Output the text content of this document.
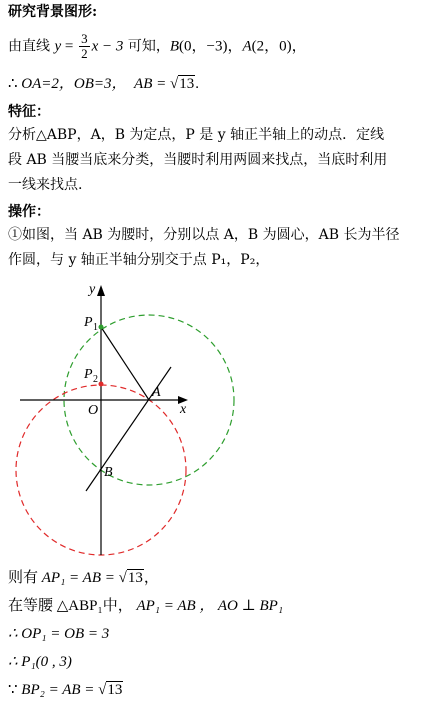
研究背景图形:
由直线 $y = \frac{3}{2}$ x − 3 可知，B(0，−3)，A(2，0)，
∴ OA=2，OB=3， AB = √13.
特征：
分析△ABP，A，B 为定点，P 是 y 轴正半轴上的动点．定线
段 AB 当腰当底来分类，当腰时利用两圆来找点，当底时利用
一线来找点.
操作：
①如图，当 AB 为腰时，分别以点 A，B 为圆心，AB 长为半径
作圆，与 y 轴正半轴分别交于点 P₁，P₂，
y
x
O
A
B
P 1
P 2
则有 AP₁ = AB = √13，
在等腰 △ABP₁中， AP₁ = AB ， AO ⊥ BP₁
∴ OP₁ = OB = 3
∴ P₁(0 , 3)
∵ BP₂ = AB = √13
